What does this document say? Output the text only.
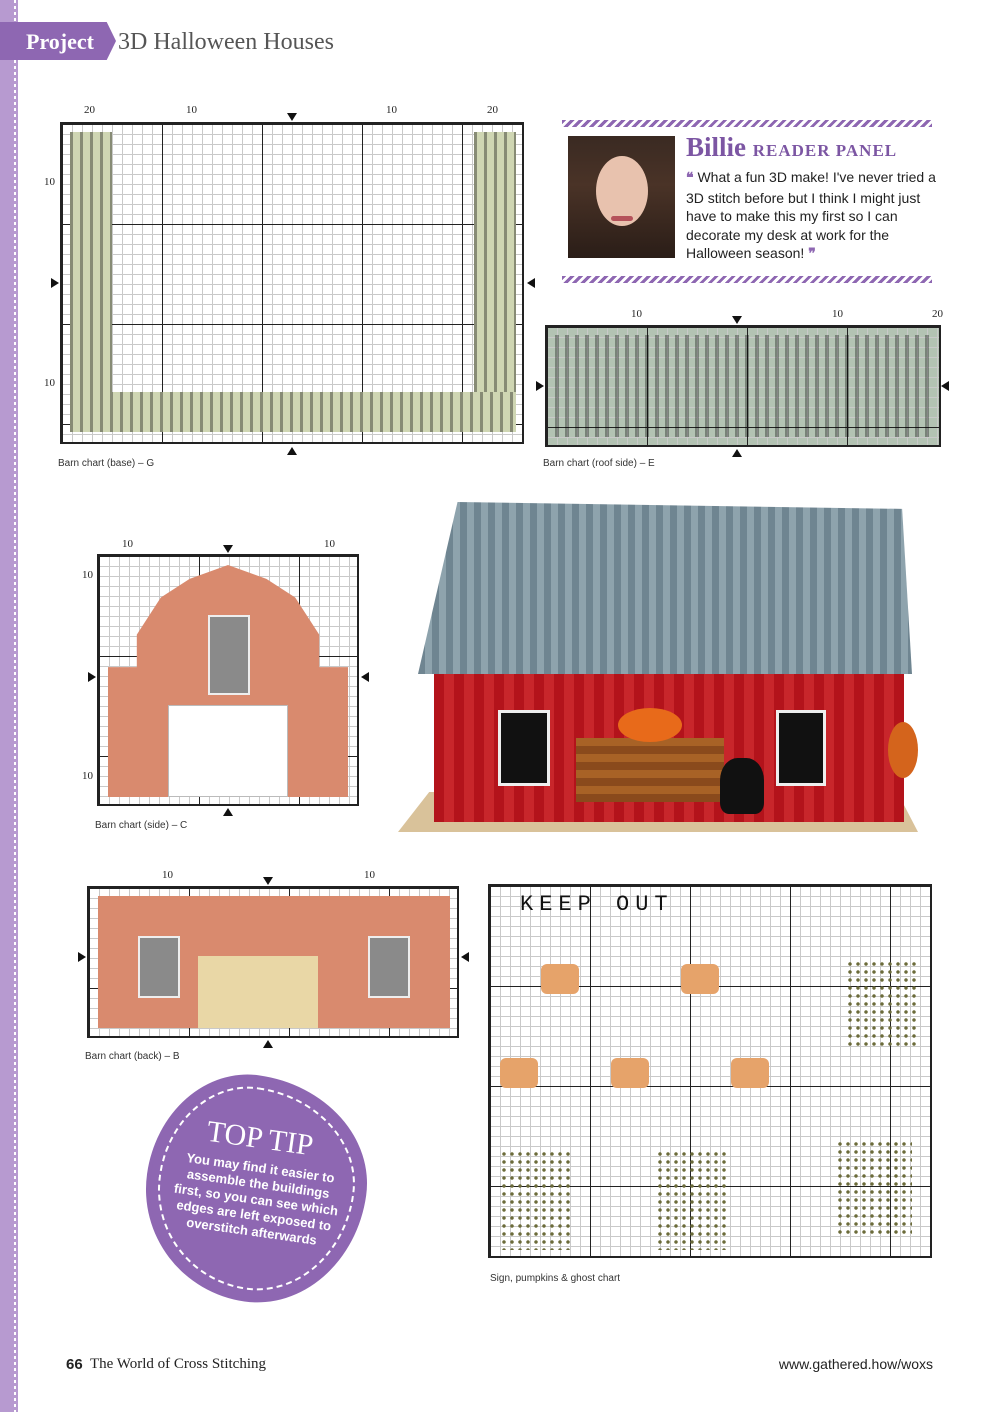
Project 3D Halloween Houses
20	10	10	20
10
10
Barn chart (base) – G
Billie READER PANEL
❝ What a fun 3D make! I've never tried a 3D stitch before but I think I might just have to make this my first so I can decorate my desk at work for the Halloween season! ❞
10	10	20
Barn chart (roof side) – E
10	10
10
10
Barn chart (side) – C
10	10
Barn chart (back) – B
TOP TIP
You may find it easier to assemble the buildings first, so you can see which edges are left exposed to overstitch afterwards
KEEP OUT
Sign, pumpkins & ghost chart
66 The World of Cross Stitching	www.gathered.how/woxs
